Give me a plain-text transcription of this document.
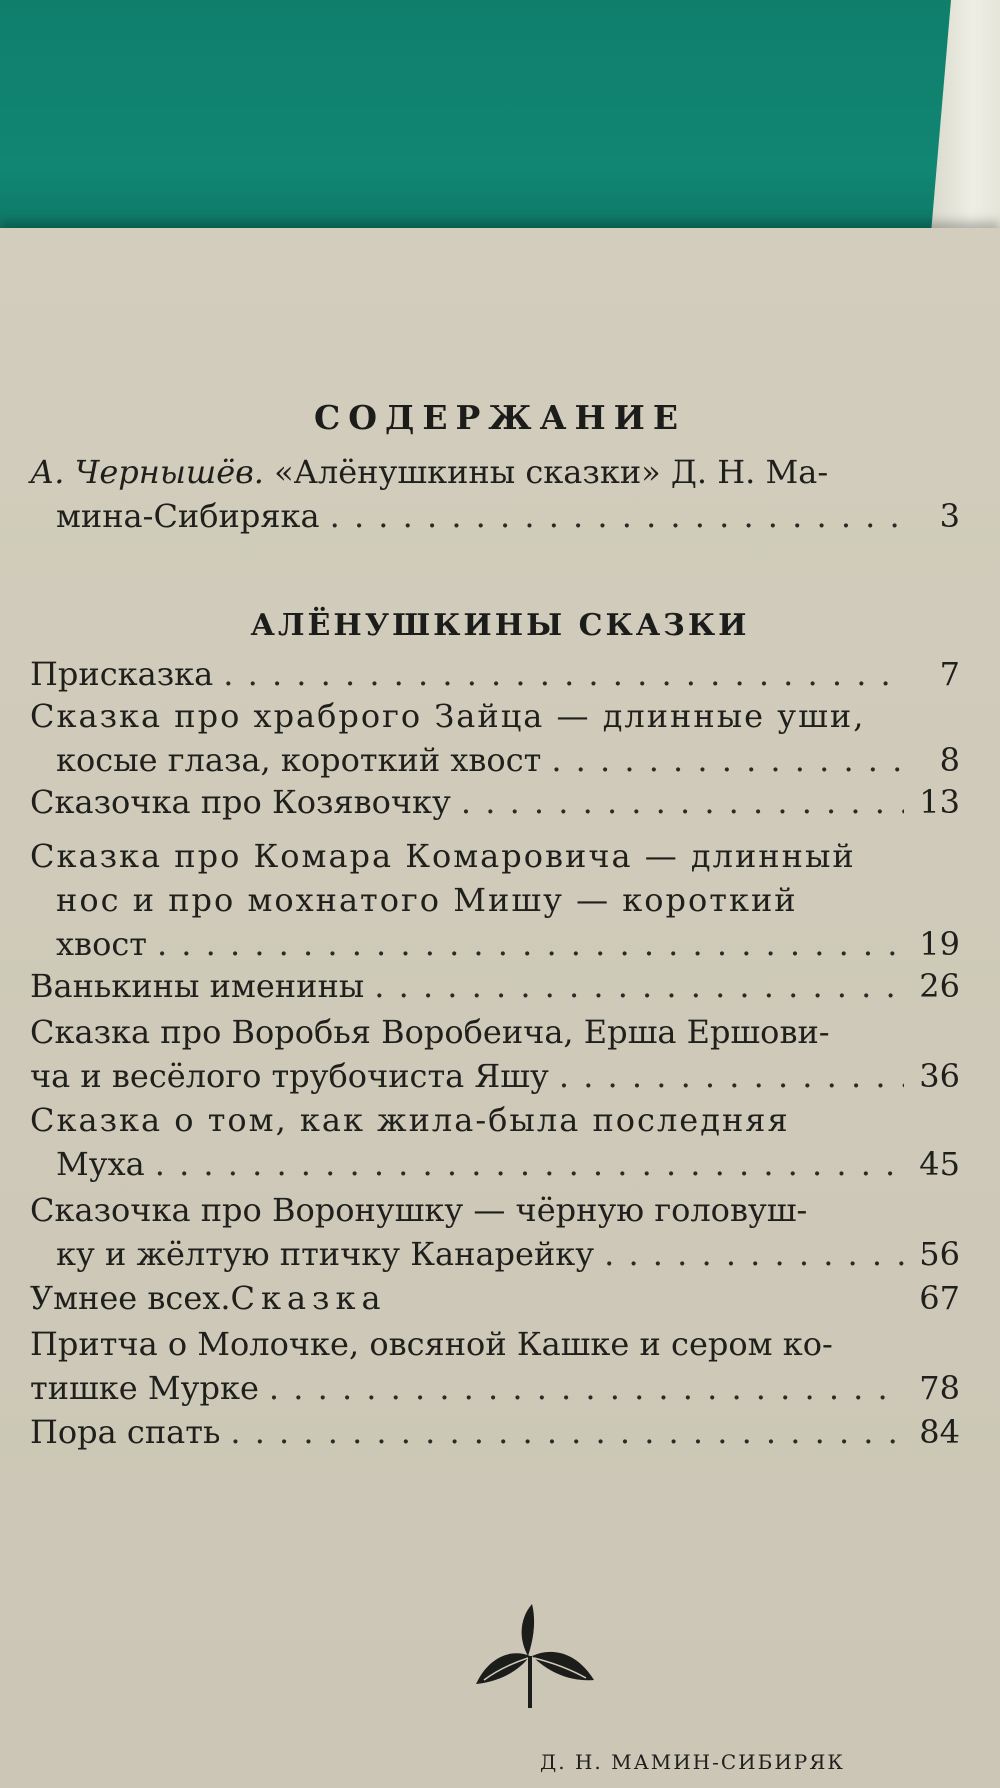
СОДЕРЖАНИЕ
А. Чернышёв.
«Алёнушкины сказки» Д. Н. Ма-
мина-Сибиряка . . .	3
АЛЁНУШКИНЫ СКАЗКИ
Присказка . . .	7
Сказка про храброго Зайца — длинные уши,
косые глаза, короткий хвост . . .	8
Сказочка про Козявочку . . .	13
Сказка про Комара Комаровича — длинный
нос и про мохнатого Мишу — короткий
хвост . . .	19
Ванькины именины . . .	26
Сказка про Воробья Воробеича, Ерша Ершови-
ча и весёлого трубочиста Яшу . . .	36
Сказка о том, как жила-была последняя
Муха . . .	45
Сказочка про Воронушку — чёрную головуш-
ку и жёлтую птичку Канарейку . . .	56
Умнее всех. Сказка	67
Притча о Молочке, овсяной Кашке и сером ко-
тишке Мурке . . .	78
Пора спать . . .	84
Д. Н. МАМИН-СИБИРЯК
